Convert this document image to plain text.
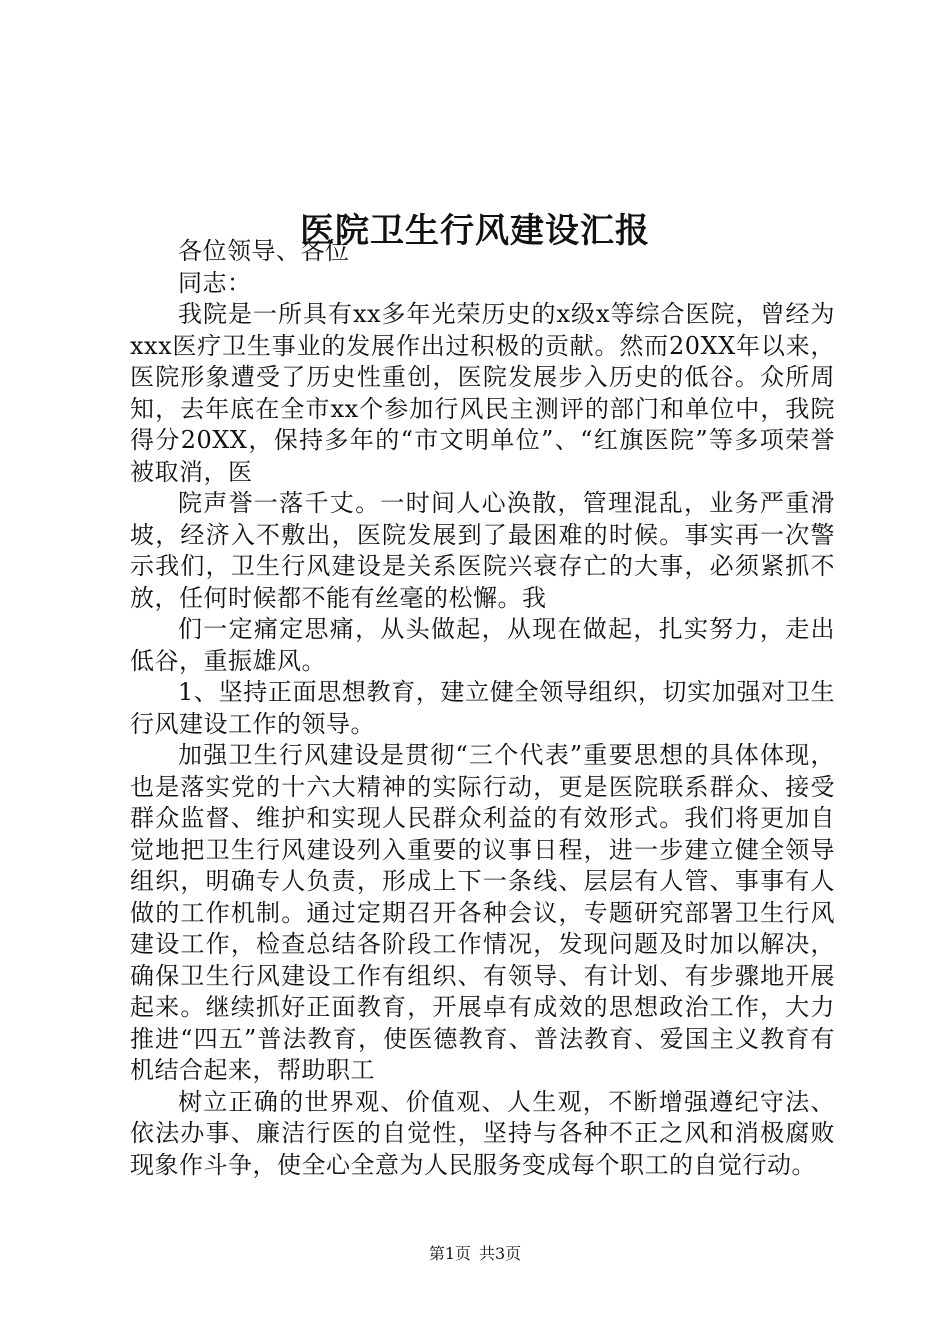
医院卫生行风建设汇报

各位领导、各位

同志：

我院是一所具有xx多年光荣历史的x级x等综合医院，曾经为xxx医疗卫生事业的发展作出过积极的贡献。然而20XX年以来，医院形象遭受了历史性重创，医院发展步入历史的低谷。众所周知，去年底在全市xx个参加行风民主测评的部门和单位中，我院得分20XX，保持多年的“市文明单位”、“红旗医院”等多项荣誉被取消，医

院声誉一落千丈。一时间人心涣散，管理混乱，业务严重滑坡，经济入不敷出，医院发展到了最困难的时候。事实再一次警示我们，卫生行风建设是关系医院兴衰存亡的大事，必须紧抓不放，任何时候都不能有丝毫的松懈。我

们一定痛定思痛，从头做起，从现在做起，扎实努力，走出低谷，重振雄风。

1、坚持正面思想教育，建立健全领导组织，切实加强对卫生行风建设工作的领导。

加强卫生行风建设是贯彻“三个代表”重要思想的具体体现，也是落实党的十六大精神的实际行动，更是医院联系群众、接受群众监督、维护和实现人民群众利益的有效形式。我们将更加自觉地把卫生行风建设列入重要的议事日程，进一步建立健全领导组织，明确专人负责，形成上下一条线、层层有人管、事事有人做的工作机制。通过定期召开各种会议，专题研究部署卫生行风建设工作，检查总结各阶段工作情况，发现问题及时加以解决，确保卫生行风建设工作有组织、有领导、有计划、有步骤地开展起来。继续抓好正面教育，开展卓有成效的思想政治工作，大力推进“四五”普法教育，使医德教育、普法教育、爱国主义教育有机结合起来，帮助职工

树立正确的世界观、价值观、人生观，不断增强遵纪守法、依法办事、廉洁行医的自觉性，坚持与各种不正之风和消极腐败现象作斗争，使全心全意为人民服务变成每个职工的自觉行动。

第1页 共3页
